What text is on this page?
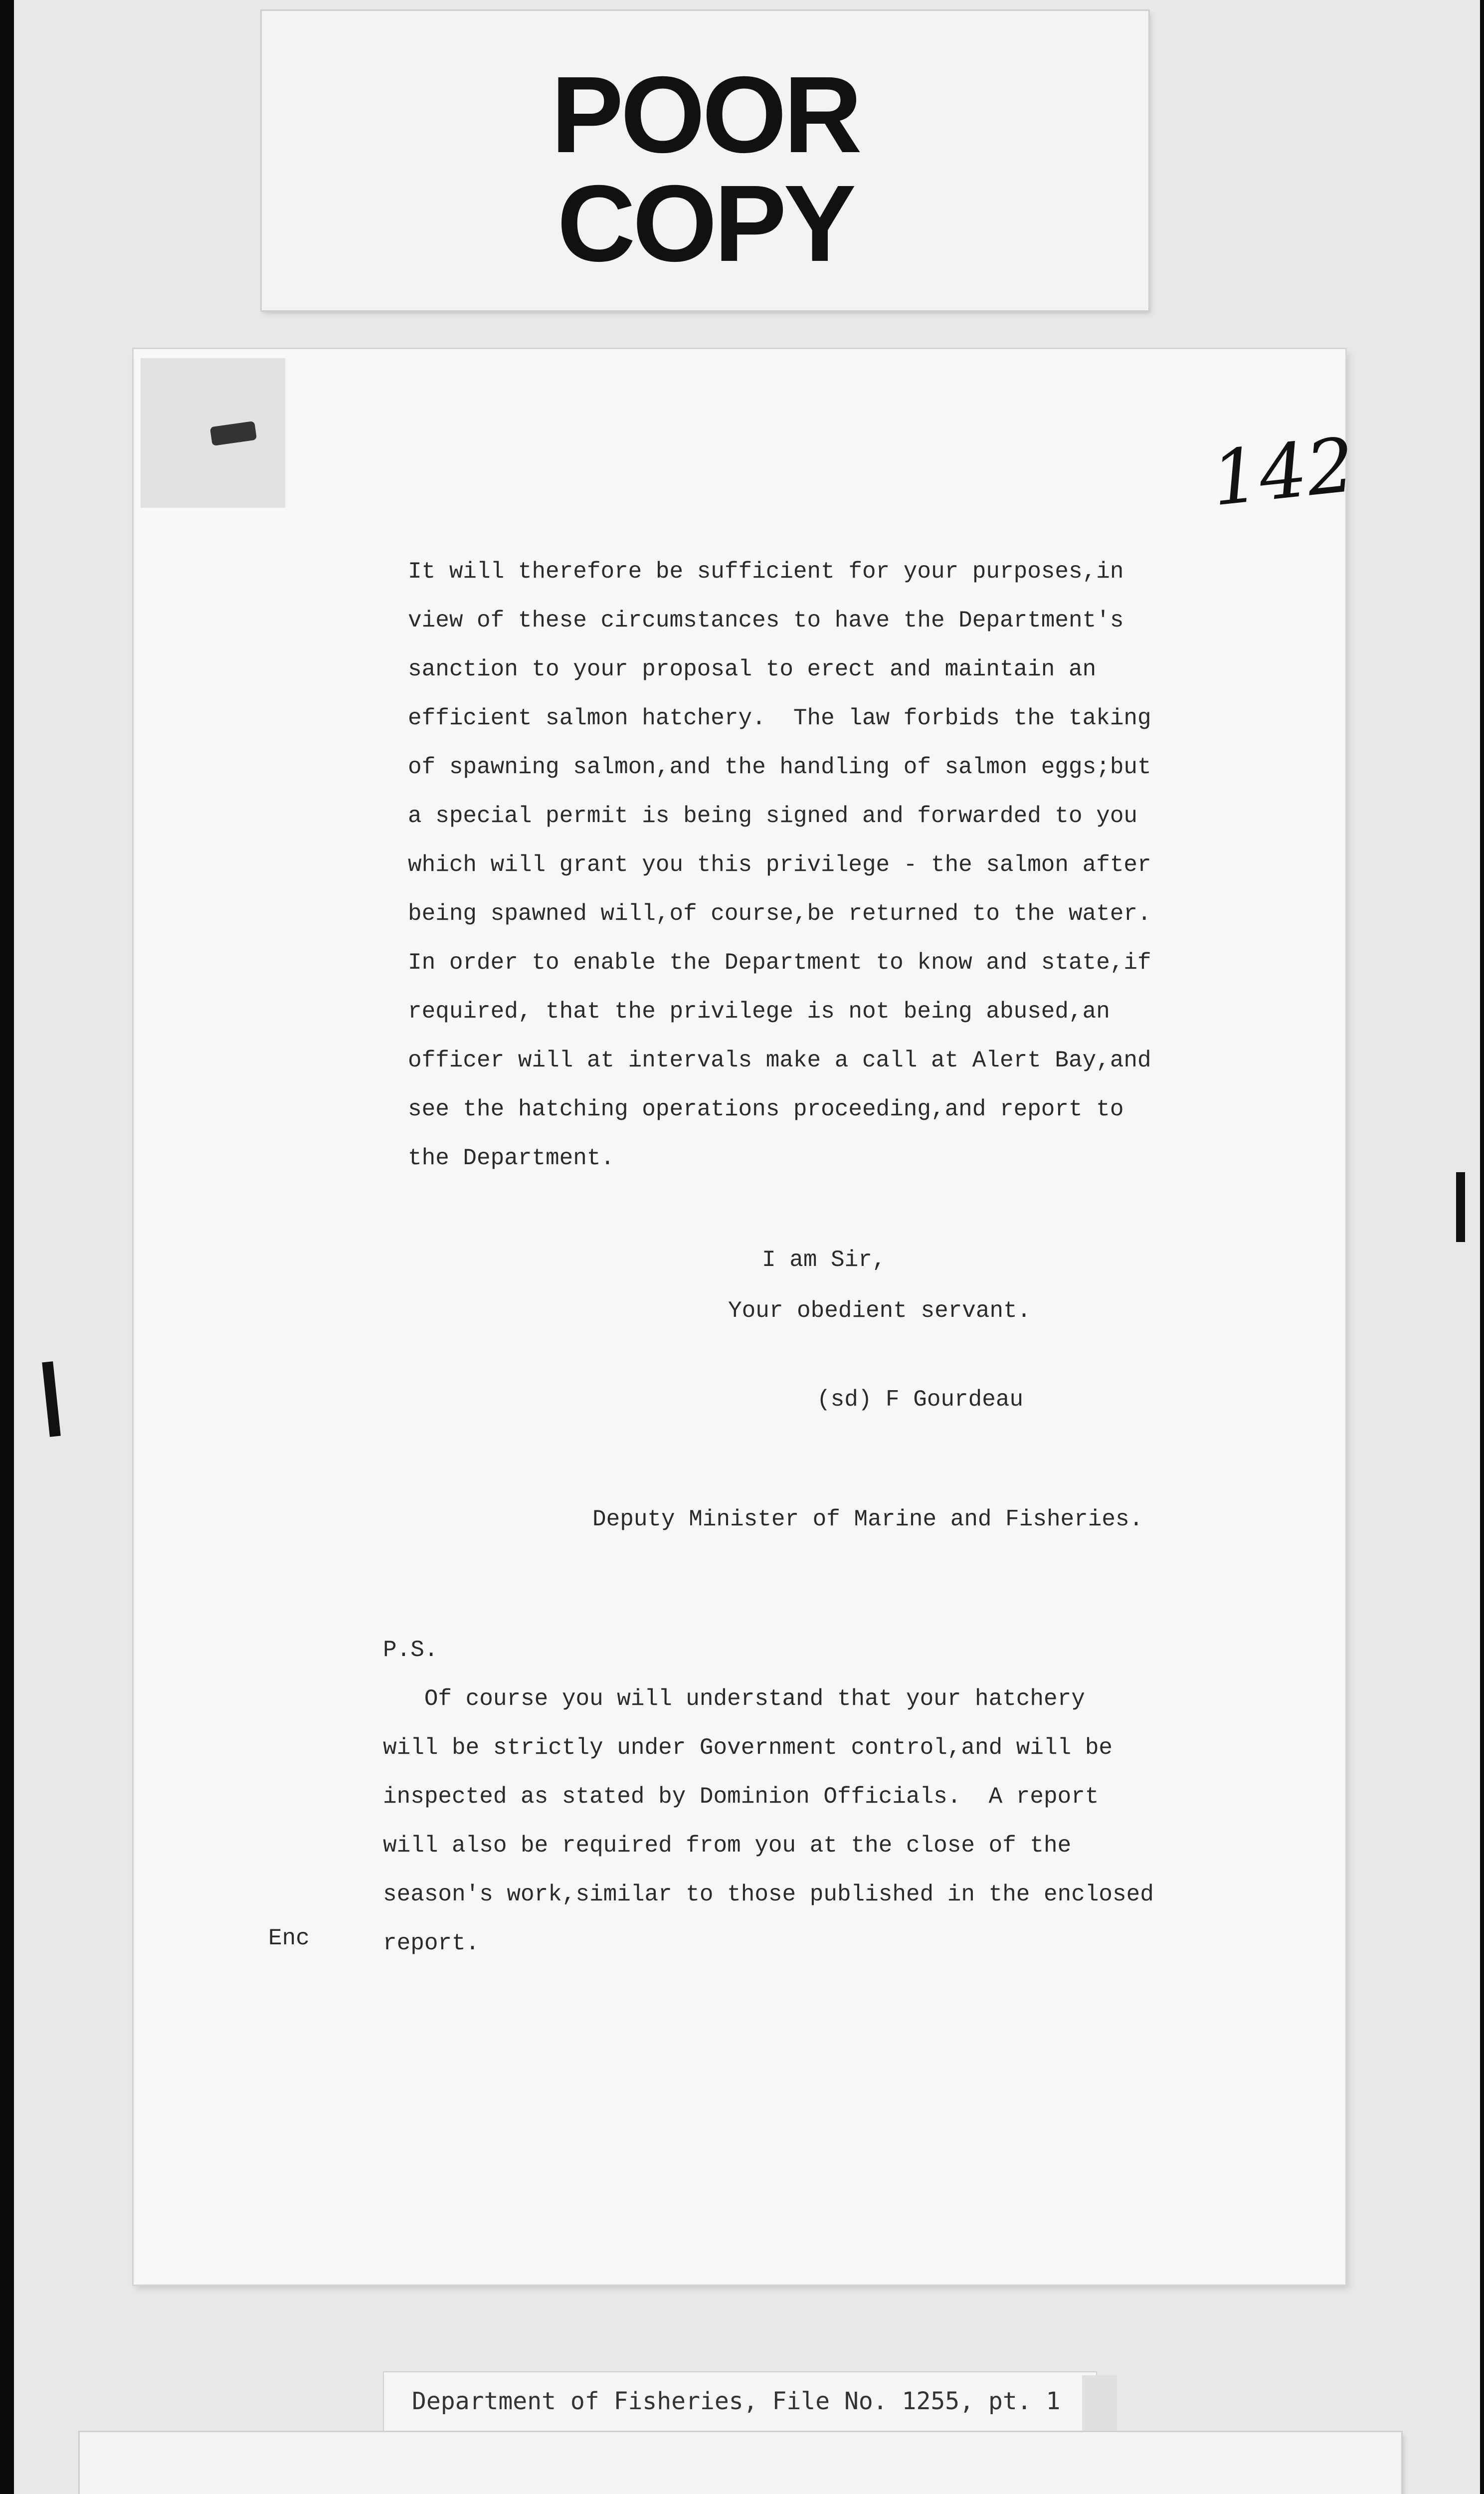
POOR
COPY
142
It will therefore be sufficient for your purposes,in
view of these circumstances to have the Department's
sanction to your proposal to erect and maintain an
efficient salmon hatchery.  The law forbids the taking
of spawning salmon,and the handling of salmon eggs;but
a special permit is being signed and forwarded to you
which will grant you this privilege - the salmon after
being spawned will,of course,be returned to the water.
In order to enable the Department to know and state,if
required, that the privilege is not being abused,an
officer will at intervals make a call at Alert Bay,and
see the hatching operations proceeding,and report to
the Department.
I am Sir,
Your obedient servant.
(sd) F Gourdeau
Deputy Minister of Marine and Fisheries.
P.S.
Of course you will understand that your hatchery
will be strictly under Government control,and will be
inspected as stated by Dominion Officials.  A report
will also be required from you at the close of the
season's work,similar to those published in the enclosed
report.
Enc
Department of Fisheries, File No. 1255, pt. 1
